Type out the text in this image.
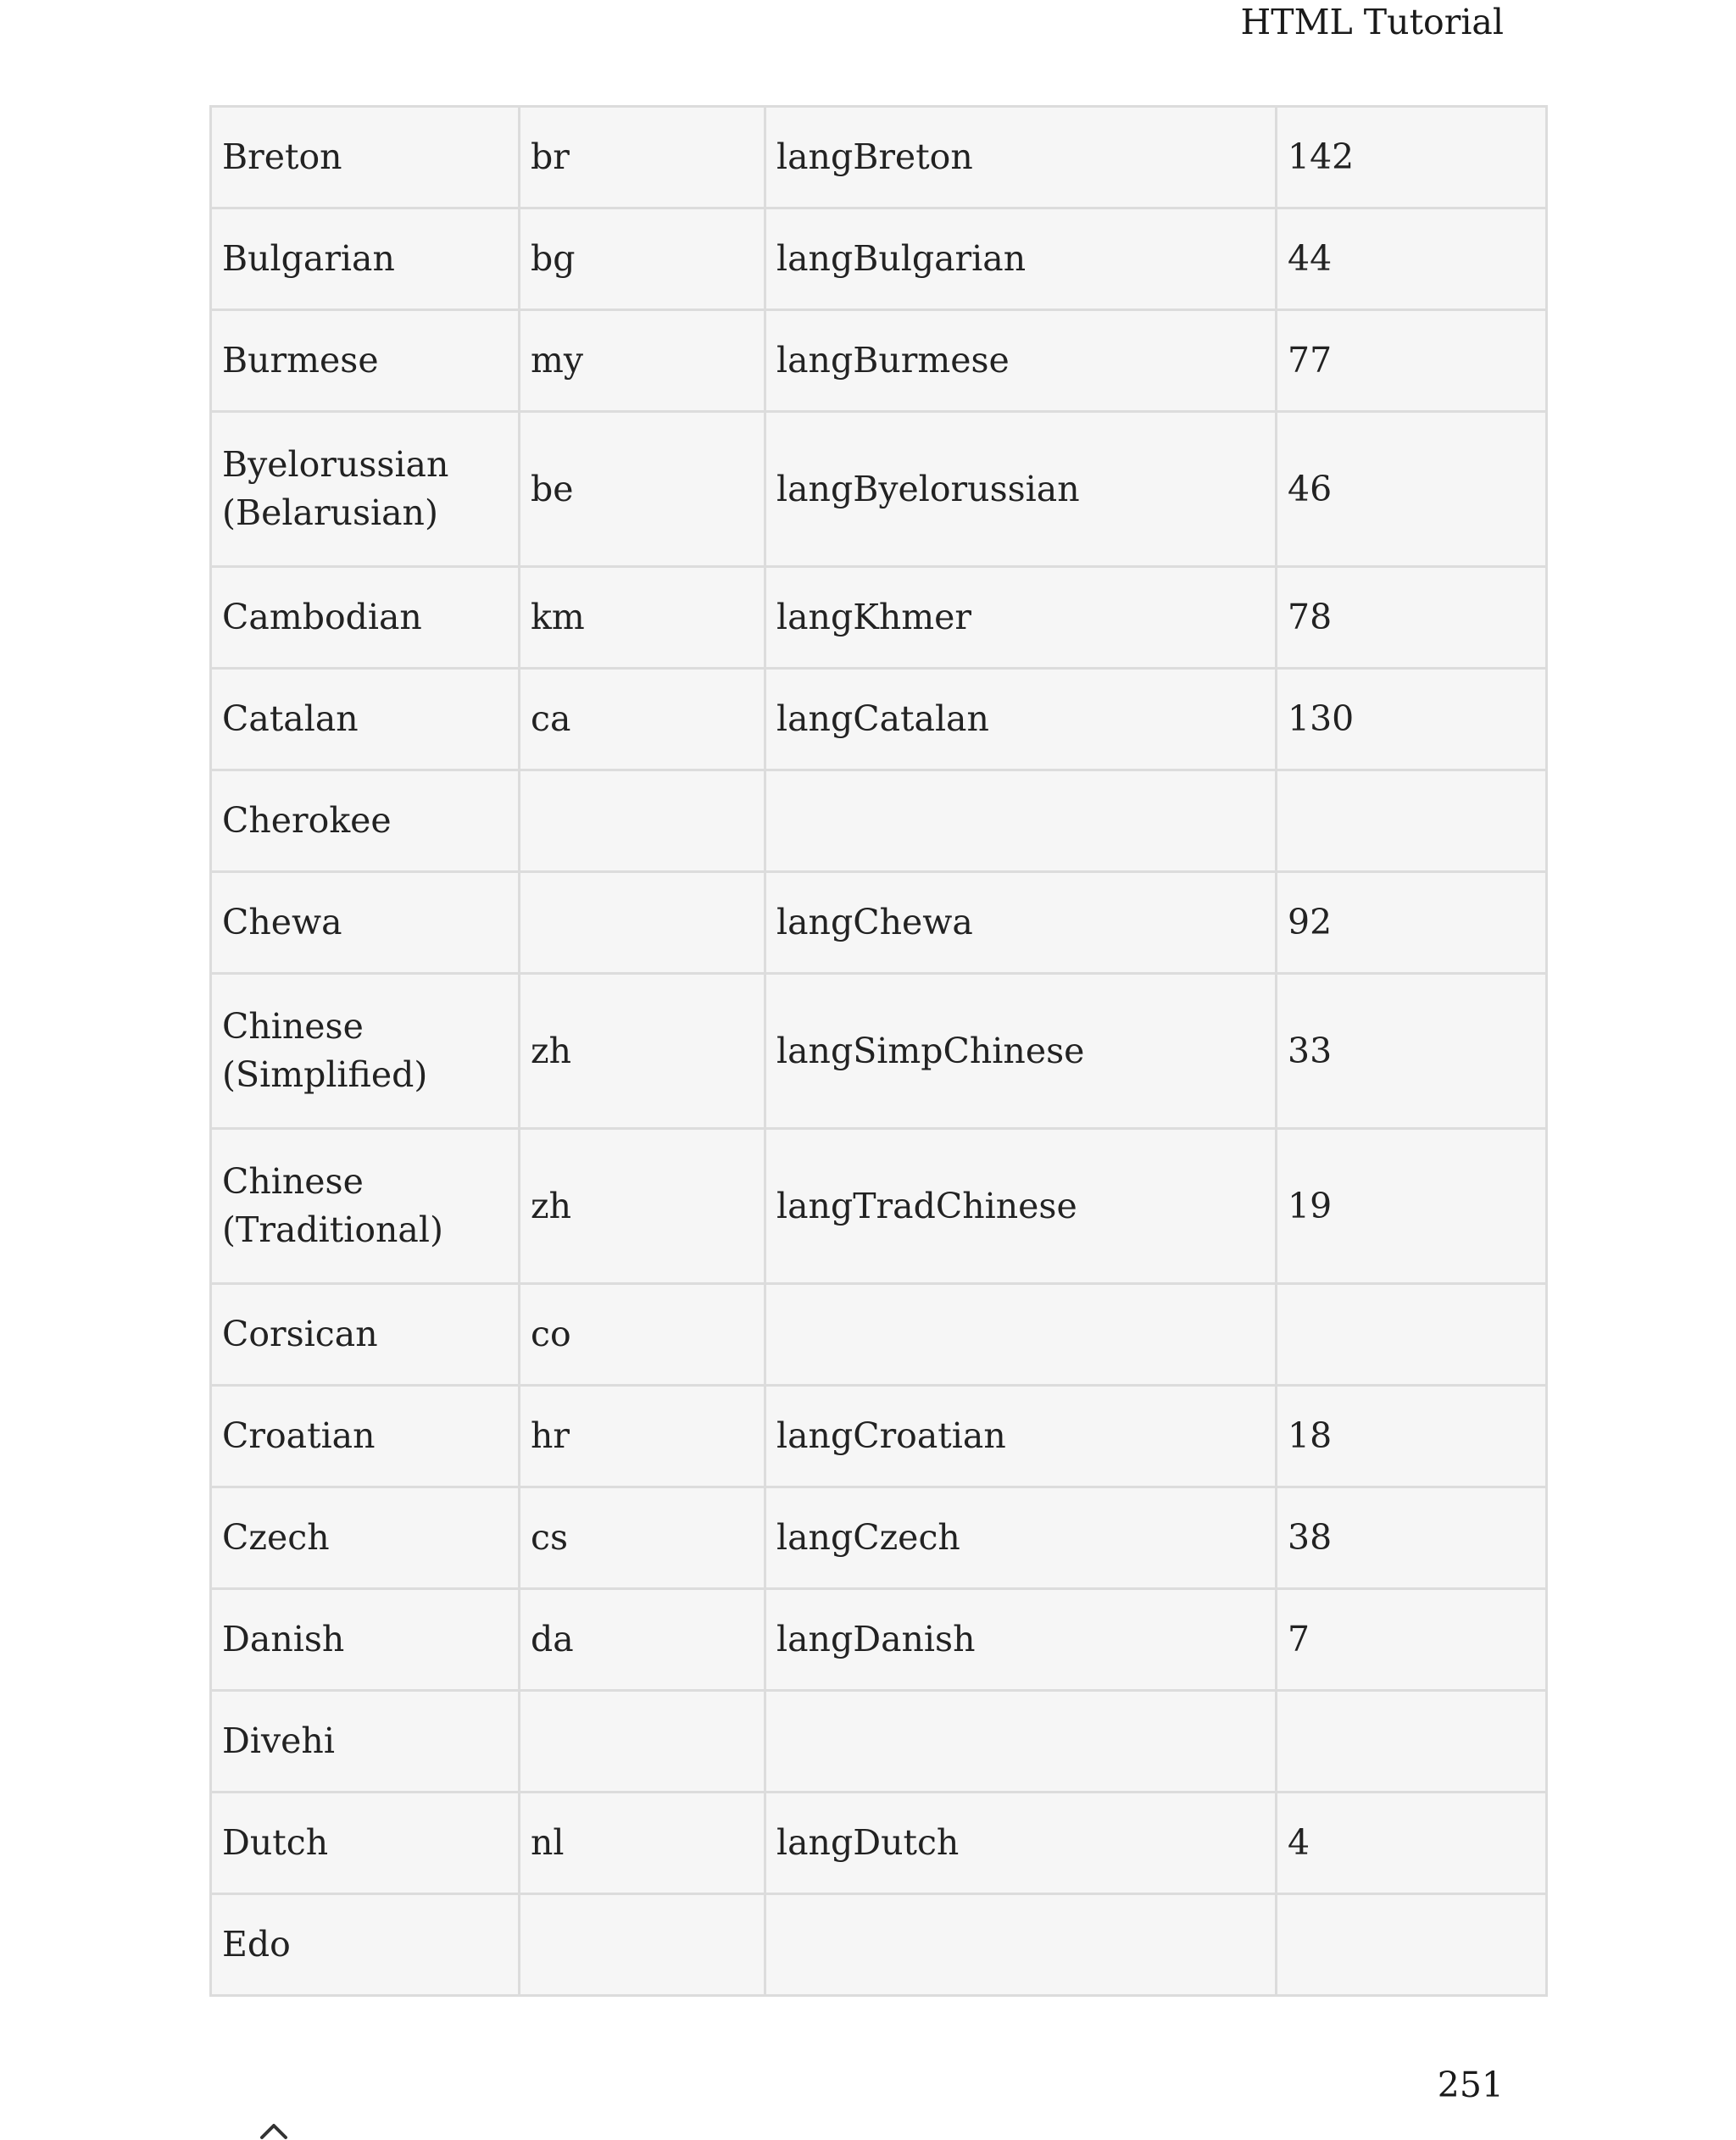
HTML Tutorial
Breton	br	langBreton	142
Bulgarian	bg	langBulgarian	44
Burmese	my	langBurmese	77
Byelorussian (Belarusian)	be	langByelorussian	46
Cambodian	km	langKhmer	78
Catalan	ca	langCatalan	130
Cherokee			
Chewa		langChewa	92
Chinese (Simplified)	zh	langSimpChinese	33
Chinese (Traditional)	zh	langTradChinese	19
Corsican	co		
Croatian	hr	langCroatian	18
Czech	cs	langCzech	38
Danish	da	langDanish	7
Divehi			
Dutch	nl	langDutch	4
Edo			
251
